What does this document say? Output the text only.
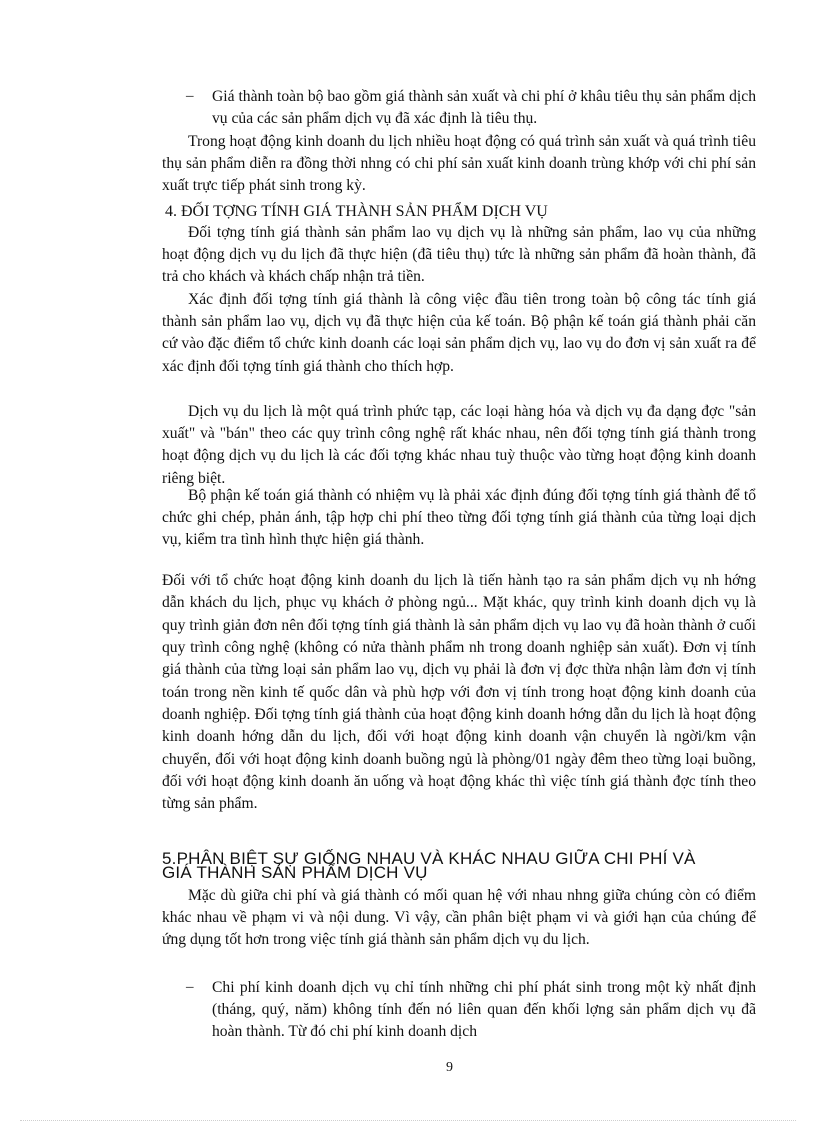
– Giá thành toàn bộ bao gồm giá thành sản xuất và chi phí ở khâu tiêu thụ sản phẩm dịch vụ của các sản phẩm dịch vụ đã xác định là tiêu thụ.

Trong hoạt động kinh doanh du lịch nhiều hoạt động có quá trình sản xuất và quá trình tiêu thụ sản phẩm diễn ra đồng thời nhng có chi phí sản xuất kinh doanh trùng khớp với chi phí sản xuất trực tiếp phát sinh trong kỳ.

4. ĐỐI TỢNG TÍNH GIÁ THÀNH SẢN PHẨM DỊCH VỤ

Đối tợng tính giá thành sản phẩm lao vụ dịch vụ là những sản phẩm, lao vụ của những hoạt động dịch vụ du lịch đã thực hiện (đã tiêu thụ) tức là những sản phẩm đã hoàn thành, đã trả cho khách và khách chấp nhận trả tiền.

Xác định đối tợng tính giá thành là công việc đầu tiên trong toàn bộ công tác tính giá thành sản phẩm lao vụ, dịch vụ đã thực hiện của kế toán. Bộ phận kế toán giá thành phải căn cứ vào đặc điểm tổ chức kinh doanh các loại sản phẩm dịch vụ, lao vụ do đơn vị sản xuất ra để xác định đối tợng tính giá thành cho thích hợp.

Dịch vụ du lịch là một quá trình phức tạp, các loại hàng hóa và dịch vụ đa dạng đợc "sản xuất" và "bán" theo các quy trình công nghệ rất khác nhau, nên đối tợng tính giá thành trong hoạt động dịch vụ du lịch là các đối tợng khác nhau tuỳ thuộc vào từng hoạt động kinh doanh riêng biệt.

Bộ phận kế toán giá thành có nhiệm vụ là phải xác định đúng đối tợng tính giá thành để tổ chức ghi chép, phản ánh, tập hợp chi phí theo từng đối tợng tính giá thành của từng loại dịch vụ, kiểm tra tình hình thực hiện giá thành.

Đối với tổ chức hoạt động kinh doanh du lịch là tiến hành tạo ra sản phẩm dịch vụ nh hớng dẫn khách du lịch, phục vụ khách ở phòng ngủ... Mặt khác, quy trình kinh doanh dịch vụ là quy trình giản đơn nên đối tợng tính giá thành là sản phẩm dịch vụ lao vụ đã hoàn thành ở cuối quy trình công nghệ (không có nửa thành phẩm nh trong doanh nghiệp sản xuất). Đơn vị tính giá thành của từng loại sản phẩm lao vụ, dịch vụ phải là đơn vị đợc thừa nhận làm đơn vị tính toán trong nền kinh tế quốc dân và phù hợp với đơn vị tính trong hoạt động kinh doanh của doanh nghiệp. Đối tợng tính giá thành của hoạt động kinh doanh hớng dẫn du lịch là hoạt động kinh doanh hớng dẫn du lịch, đối với hoạt động kinh doanh vận chuyển là ngời/km vận chuyển, đối với hoạt động kinh doanh buồng ngủ là phòng/01 ngày đêm theo từng loại buồng, đối với hoạt động kinh doanh ăn uống và hoạt động khác thì việc tính giá thành đợc tính theo từng sản phẩm.

5.PHÂN BIỆT SỰ GIỐNG NHAU VÀ KHÁC NHAU GIỮA CHI PHÍ VÀ
GIÁ THÀNH SẢN PHẨM DỊCH VỤ

Mặc dù giữa chi phí và giá thành có mối quan hệ với nhau nhng giữa chúng còn có điểm khác nhau về phạm vi và nội dung. Vì vậy, cần phân biệt phạm vi và giới hạn của chúng để ứng dụng tốt hơn trong việc tính giá thành sản phẩm dịch vụ du lịch.

– Chi phí kinh doanh dịch vụ chỉ tính những chi phí phát sinh trong một kỳ nhất định (tháng, quý, năm) không tính đến nó liên quan đến khối lợng sản phẩm dịch vụ đã hoàn thành. Từ đó chi phí kinh doanh dịch

9
